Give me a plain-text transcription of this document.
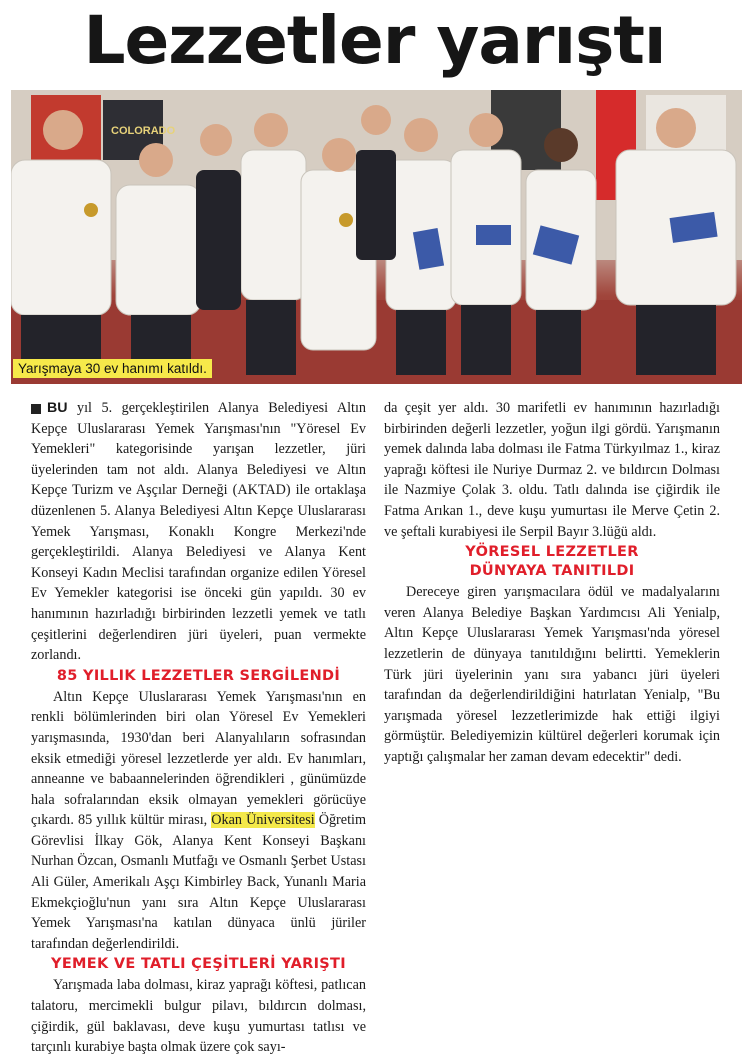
Lezzetler yarıştı
COLORADO
Yarışmaya 30 ev hanımı katıldı.

BU yıl 5. gerçekleştirilen Alanya Belediyesi Altın Kepçe Uluslararası Yemek Yarışması'nın "Yöresel Ev Yemekleri" kategorisinde yarışan lezzetler, jüri üyelerinden tam not aldı. Alanya Belediyesi ve Altın Kepçe Turizm ve Aşçılar Derneği (AKTAD) ile ortaklaşa düzenlenen 5. Alanya Belediyesi Altın Kepçe Uluslararası Yemek Yarışması, Konaklı Kongre Merkezi'nde gerçekleştirildi. Alanya Belediyesi ve Alanya Kent Konseyi Kadın Meclisi tarafından organize edilen Yöresel Ev Yemekler kategorisi ise önceki gün yapıldı. 30 ev hanımının hazırladığı birbirinden lezzetli yemek ve tatlı çeşitlerini değerlendiren jüri üyeleri, puan vermekte zorlandı.

85 YILLIK LEZZETLER SERGİLENDİ

Altın Kepçe Uluslararası Yemek Yarışması'nın en renkli bölümlerinden biri olan Yöresel Ev Yemekleri yarışmasında, 1930'dan beri Alanyalıların sofrasından eksik etmediği yöresel lezzetlerde yer aldı. Ev hanımları, anneanne ve babaannelerinden öğrendikleri , günümüzde hala sofralarından eksik olmayan yemekleri görücüye çıkardı. 85 yıllık kültür mirası, Okan Üniversitesi Öğretim Görevlisi İlkay Gök, Alanya Kent Konseyi Başkanı Nurhan Özcan, Osmanlı Mutfağı ve Osmanlı Şerbet Ustası Ali Güler, Amerikalı Aşçı Kimbirley Back, Yunanlı Maria Ekmekçioğlu'nun yanı sıra Altın Kepçe Uluslararası Yemek Yarışması'na katılan dünyaca ünlü jüriler tarafından değerlendirildi.

YEMEK VE TATLI ÇEŞİTLERİ YARIŞTI

Yarışmada laba dolması, kiraz yaprağı köftesi, patlıcan talatoru, mercimekli bulgur pilavı, bıldırcın dolması, çiğirdik, gül baklavası, deve kuşu yumurtası tatlısı ve tarçınlı kurabiye başta olmak üzere çok sayı-

da çeşit yer aldı. 30 marifetli ev hanımının hazırladığı birbirinden değerli lezzetler, yoğun ilgi gördü. Yarışmanın yemek dalında laba dolması ile Fatma Türkyılmaz 1., kiraz yaprağı köftesi ile Nuriye Durmaz 2. ve bıldırcın Dolması ile Nazmiye Çolak 3. oldu. Tatlı dalında ise çiğirdik ile Fatma Arıkan 1., deve kuşu yumurtası ile Merve Çetin 2. ve şeftali kurabiyesi ile Serpil Bayır 3.lüğü aldı.

YÖRESEL LEZZETLER
DÜNYAYA TANITILDI

Dereceye giren yarışmacılara ödül ve madalyalarını veren Alanya Belediye Başkan Yardımcısı Ali Yenialp, Altın Kepçe Uluslararası Yemek Yarışması'nda yöresel lezzetlerin de dünyaya tanıtıldığını belirtti. Yemeklerin Türk jüri üyelerinin yanı sıra yabancı jüri üyeleri tarafından da değerlendirildiğini hatırlatan Yenialp, "Bu yarışmada yöresel lezzetlerimizde hak ettiği ilgiyi görmüştür. Belediyemizin kültürel değerleri korumak için yaptığı çalışmalar her zaman devam edecektir" dedi.
